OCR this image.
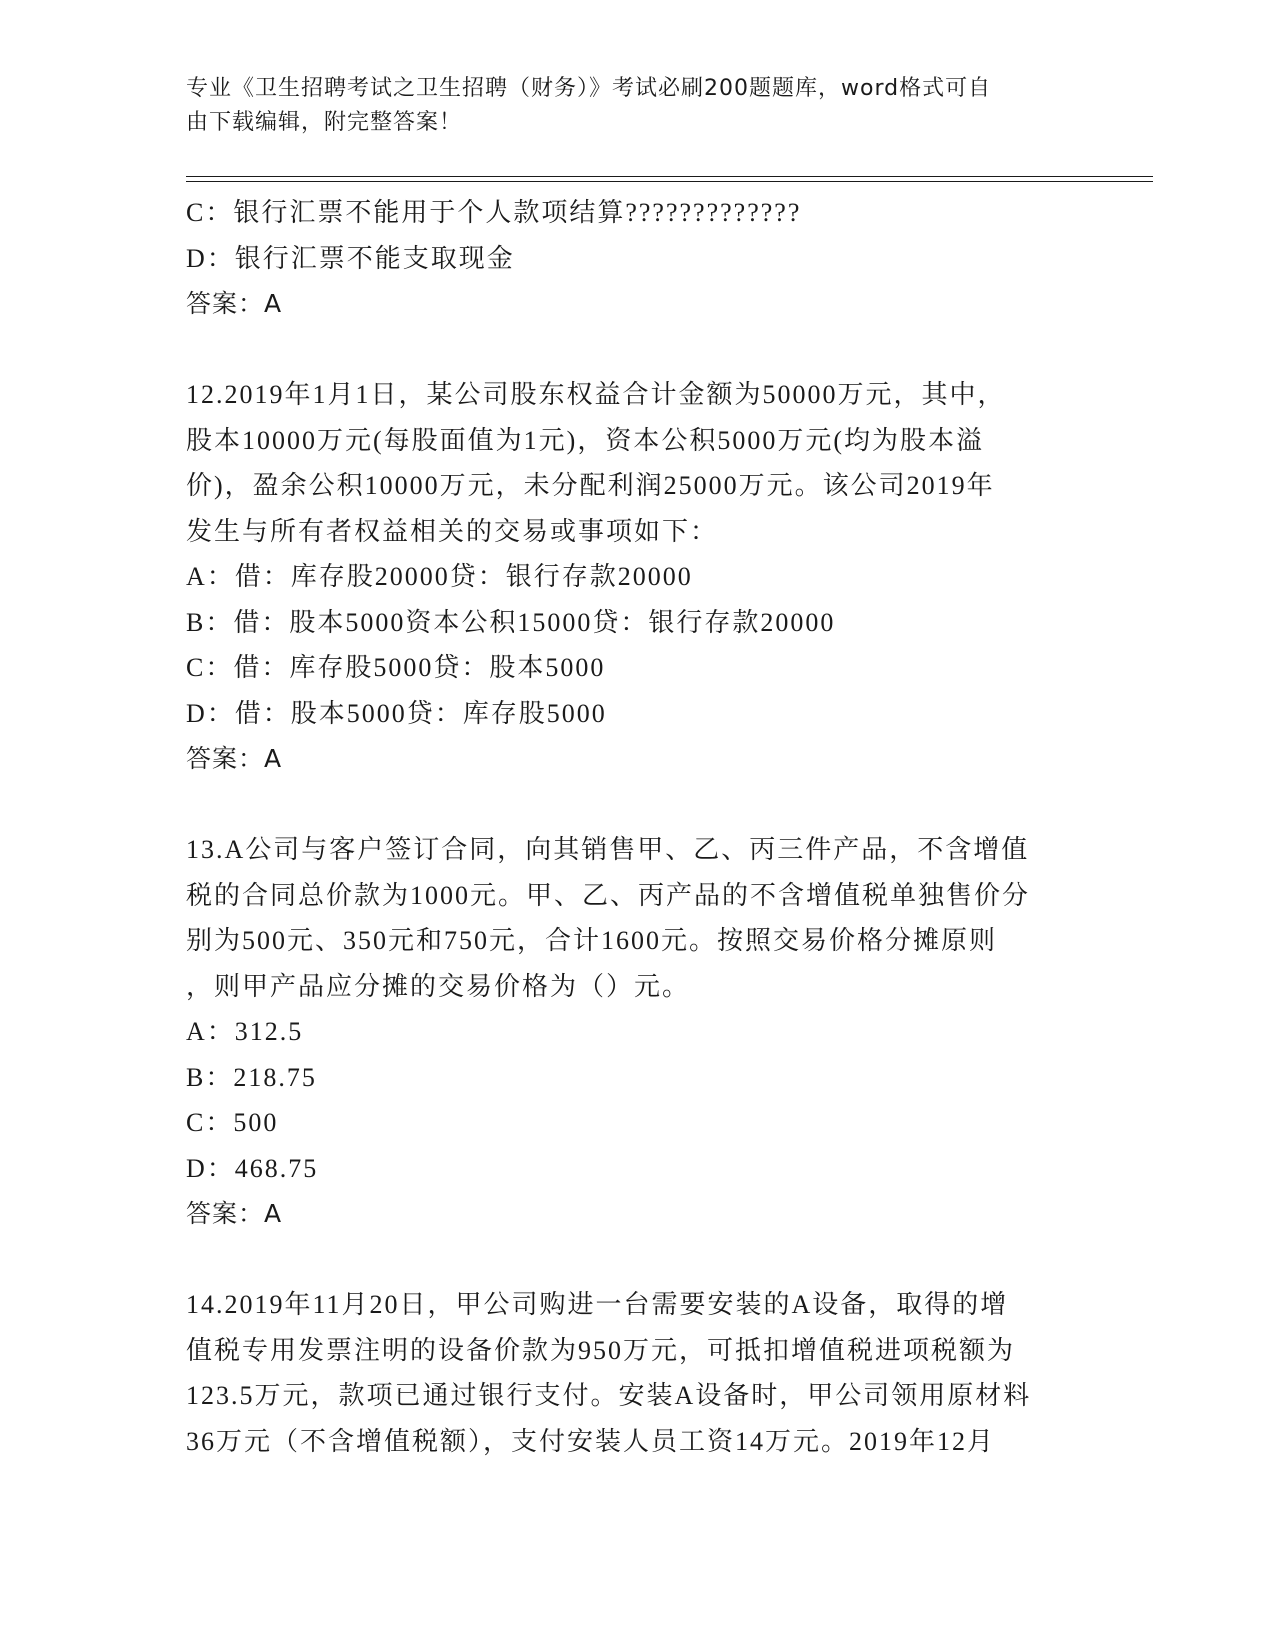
专业《卫生招聘考试之卫生招聘（财务）》考试必刷200题题库，word格式可自
由下载编辑，附完整答案！
C：银行汇票不能用于个人款项结算?????????????
D：银行汇票不能支取现金
答案：A
12.2019年1月1日，某公司股东权益合计金额为50000万元，其中，
股本10000万元(每股面值为1元)，资本公积5000万元(均为股本溢
价)，盈余公积10000万元，未分配利润25000万元。该公司2019年
发生与所有者权益相关的交易或事项如下：
A：借：库存股20000贷：银行存款20000
B：借：股本5000资本公积15000贷：银行存款20000
C：借：库存股5000贷：股本5000
D：借：股本5000贷：库存股5000
答案：A
13.A公司与客户签订合同，向其销售甲、乙、丙三件产品，不含增值
税的合同总价款为1000元。甲、乙、丙产品的不含增值税单独售价分
别为500元、350元和750元，合计1600元。按照交易价格分摊原则
，则甲产品应分摊的交易价格为（）元。
A：312.5
B：218.75
C：500
D：468.75
答案：A
14.2019年11月20日，甲公司购进一台需要安装的A设备，取得的增
值税专用发票注明的设备价款为950万元，可抵扣增值税进项税额为
123.5万元，款项已通过银行支付。安装A设备时，甲公司领用原材料
36万元（不含增值税额），支付安装人员工资14万元。2019年12月
